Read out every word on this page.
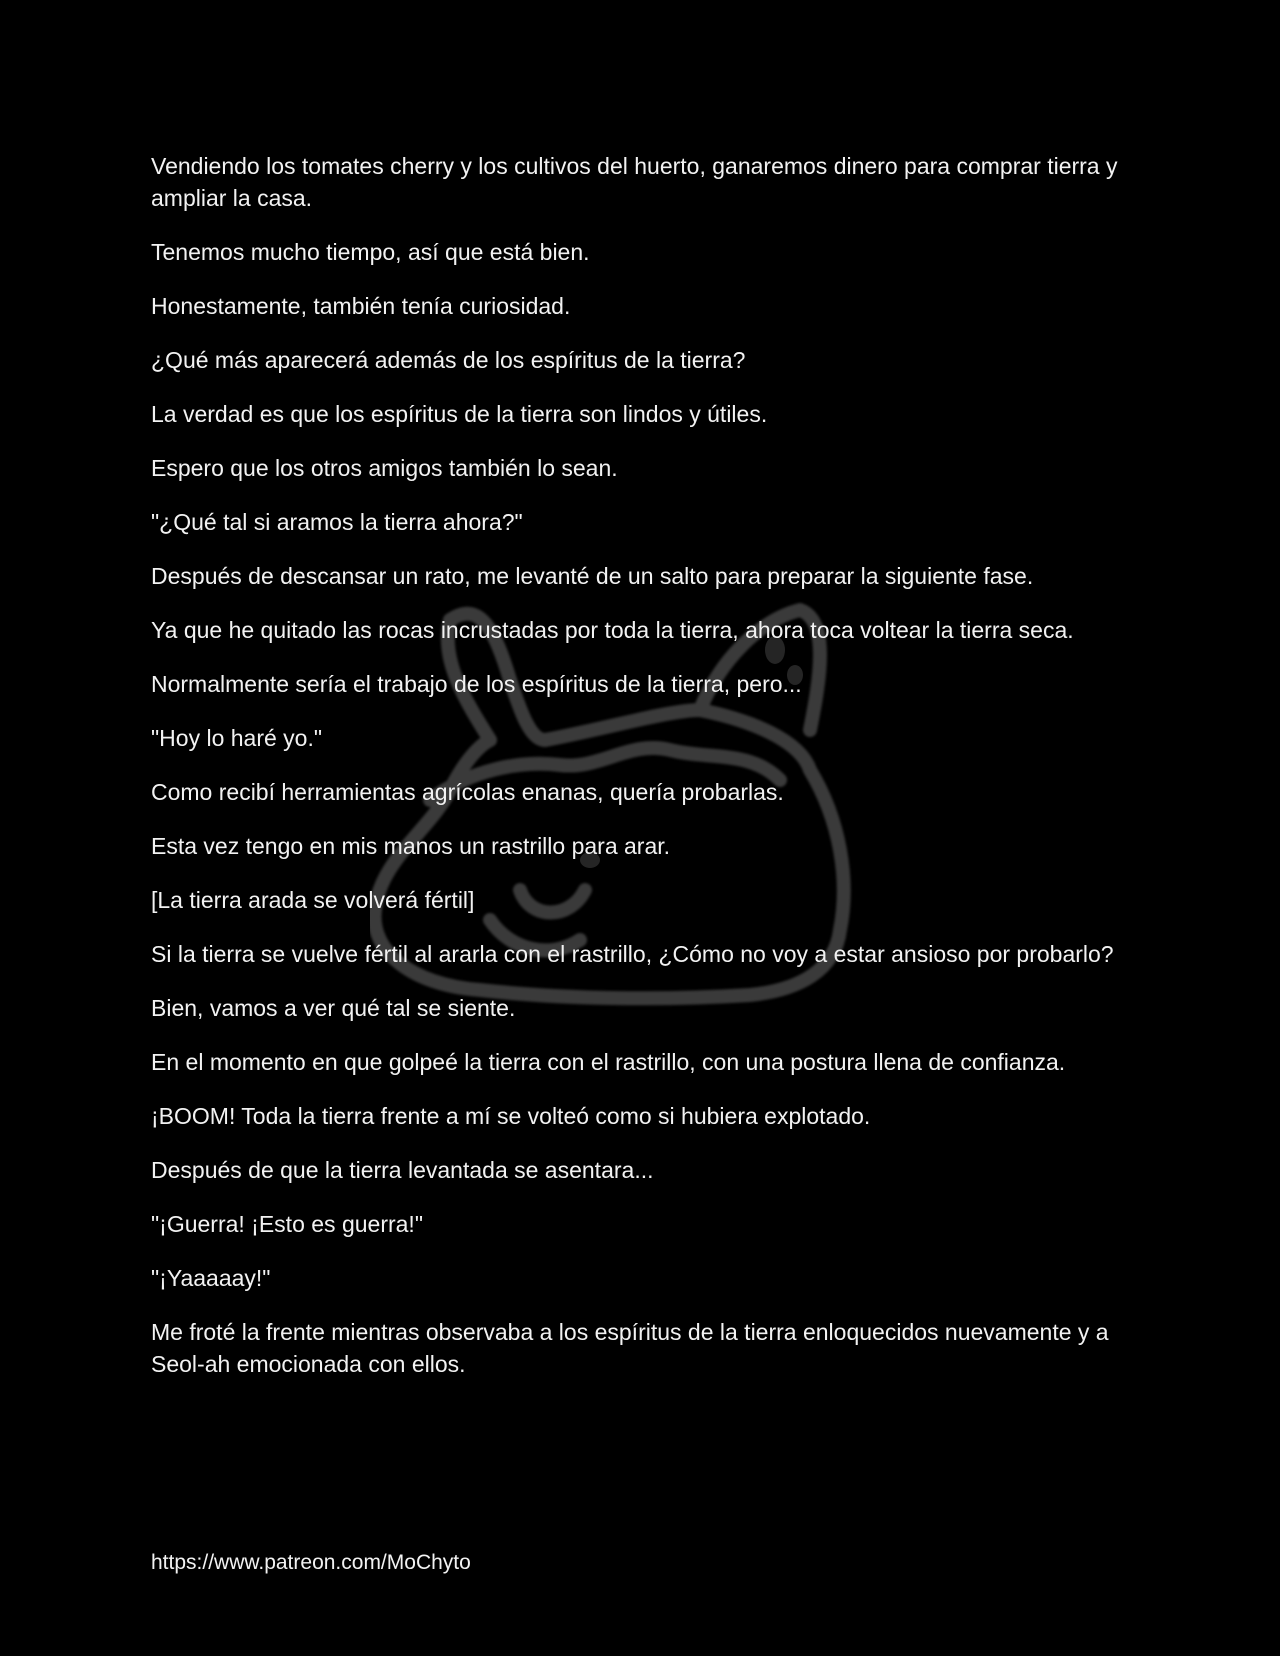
Vendiendo los tomates cherry y los cultivos del huerto, ganaremos dinero para comprar tierra y ampliar la casa.

Tenemos mucho tiempo, así que está bien.

Honestamente, también tenía curiosidad.

¿Qué más aparecerá además de los espíritus de la tierra?

La verdad es que los espíritus de la tierra son lindos y útiles.

Espero que los otros amigos también lo sean.

"¿Qué tal si aramos la tierra ahora?"

Después de descansar un rato, me levanté de un salto para preparar la siguiente fase.

Ya que he quitado las rocas incrustadas por toda la tierra, ahora toca voltear la tierra seca.

Normalmente sería el trabajo de los espíritus de la tierra, pero...

"Hoy lo haré yo."

Como recibí herramientas agrícolas enanas, quería probarlas.

Esta vez tengo en mis manos un rastrillo para arar.

[La tierra arada se volverá fértil]

Si la tierra se vuelve fértil al ararla con el rastrillo, ¿Cómo no voy a estar ansioso por probarlo?

Bien, vamos a ver qué tal se siente.

En el momento en que golpeé la tierra con el rastrillo, con una postura llena de confianza.

¡BOOM! Toda la tierra frente a mí se volteó como si hubiera explotado.

Después de que la tierra levantada se asentara...

"¡Guerra! ¡Esto es guerra!"

"¡Yaaaaay!"

Me froté la frente mientras observaba a los espíritus de la tierra enloquecidos nuevamente y a Seol-ah emocionada con ellos.

https://www.patreon.com/MoChyto
